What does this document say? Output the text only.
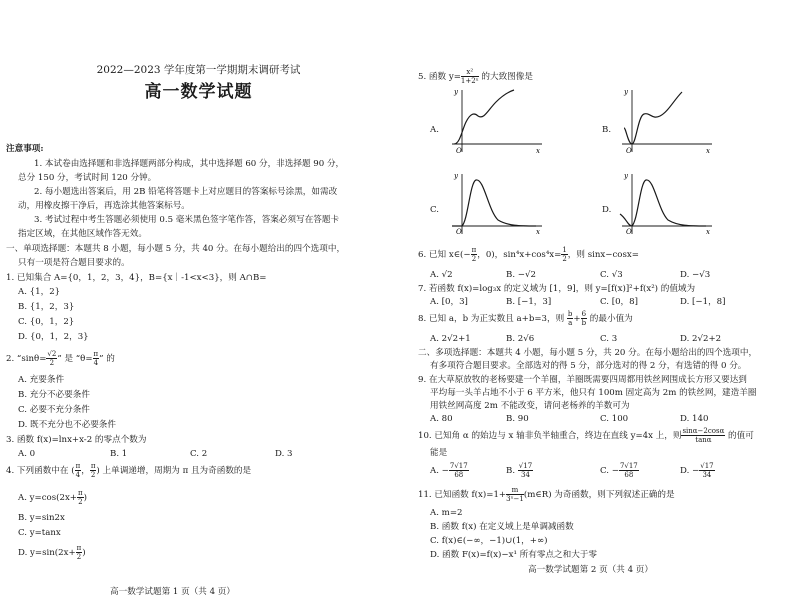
2022—2023 学年度第一学期期末调研考试
高一数学试题
注意事项:
1. 本试卷由选择题和非选择题两部分构成，其中选择题 60 分，非选择题 90 分，
总分 150 分，考试时间 120 分钟。
2. 每小题选出答案后，用 2B 铅笔将答题卡上对应题目的答案标号涂黑，如需改
动，用橡皮擦干净后，再选涂其他答案标号。
3. 考试过程中考生答题必须使用 0.5 毫米黑色签字笔作答，答案必须写在答题卡
指定区域，在其他区域作答无效。
一、单项选择题：本题共 8 小题，每小题 5 分，共 40 分。在每小题给出的四个选项中，
只有一项是符合题目要求的。
1. 已知集合 A={0，1，2，3，4}，B={x｜-1<x<3}，则 A∩B=
A. {1，2}
B. {1，2，3}
C. {0，1，2}
D. {0，1，2，3}
2. “$\sin\theta= \frac{√2}{2}$ ” 是 “$\theta= \frac{\pi}{4}$ ” 的
A. 充要条件
B. 充分不必要条件
C. 必要不充分条件
D. 既不充分也不必要条件
3. 函数 f(x)=lnx+x-2 的零点个数为
A. 0	B. 1	C. 2	D. 3
4. 下列函数中在 ( $\frac{\pi}{4}$ ， $\frac{\pi}{2}$ ) 上单调递增，周期为 π 且为奇函数的是
A. $y=\cos(2x+ \frac{\pi}{2}$ )
B. y=sin2x
C. y=tanx
D. $y=\sin(2x+ \frac{\pi}{2}$ )
高一数学试题第 1 页（共 4 页）
5. 函数 $y= \frac{\text{x²}}{\text{1+2ˣ}}$ 的大致图像是
A.
O	x
y
B.
O	x
y
C.
O	x
y
D.
O	x
y
6. 已知 x∈(− $\frac{\pi}{2}$ ，0)，$\sin^4x+\cos^4x= \frac{1}{2}$ ，则 sinx−cosx=
A. √2	B. −√2	C. √3	D. −√3
7. 若函数 f(x)=log₃x 的定义域为 [1，9]，则 y=[f(x)]²+f(x²) 的值域为
A. [0，3]	B. [−1，3]	C. [0，8]	D. [−1，8]
8. 已知 a，b 为正实数且 a+b=3，则 $\frac{b}{a} + \frac{6}{b}$ 的最小值为
A. 2√2+1	B. 2√6	C. 3	D. 2√2+2
二、多项选择题：本题共 4 小题，每小题 5 分，共 20 分。在每小题给出的四个选项中，
有多项符合题目要求。全部选对的得 5 分，部分选对的得 2 分，有选错的得 0 分。
9. 在大草原放牧的老杨要建一个羊圈，羊圈既需要四周都用铁丝网围成长方形又要达到
平均每一头羊占地不小于 6 平方米，他只有 100m 固定高为 2m 的铁丝网，建造羊圈
用铁丝网高度 2m 不能改变，请问老杨养的羊数可为
A. 80	B. 90	C. 100	D. 140
10. 已知角 α 的始边与 x 轴非负半轴重合，终边在直线 y=4x 上，则 $\frac{\sin\alpha-2\cos\alpha}{\tan\alpha}$ 的值可
能是
A. − $\frac{7√17}{68}$	B. $\frac{√17}{34}$	C. − $\frac{7√17}{68}$	D. − $\frac{√17}{34}$
11. 已知函数 $f(x)=1+ \frac{m}{\text{3ˣ−1}}$ (m∈R) 为奇函数，则下列叙述正确的是
A. m=2
B. 函数 f(x) 在定义域上是单调减函数
C. f(x)∈(−∞，−1)∪(1，+∞)
D. 函数 F(x)=f(x)−x¹ 所有零点之和大于零
高一数学试题第 2 页（共 4 页）
